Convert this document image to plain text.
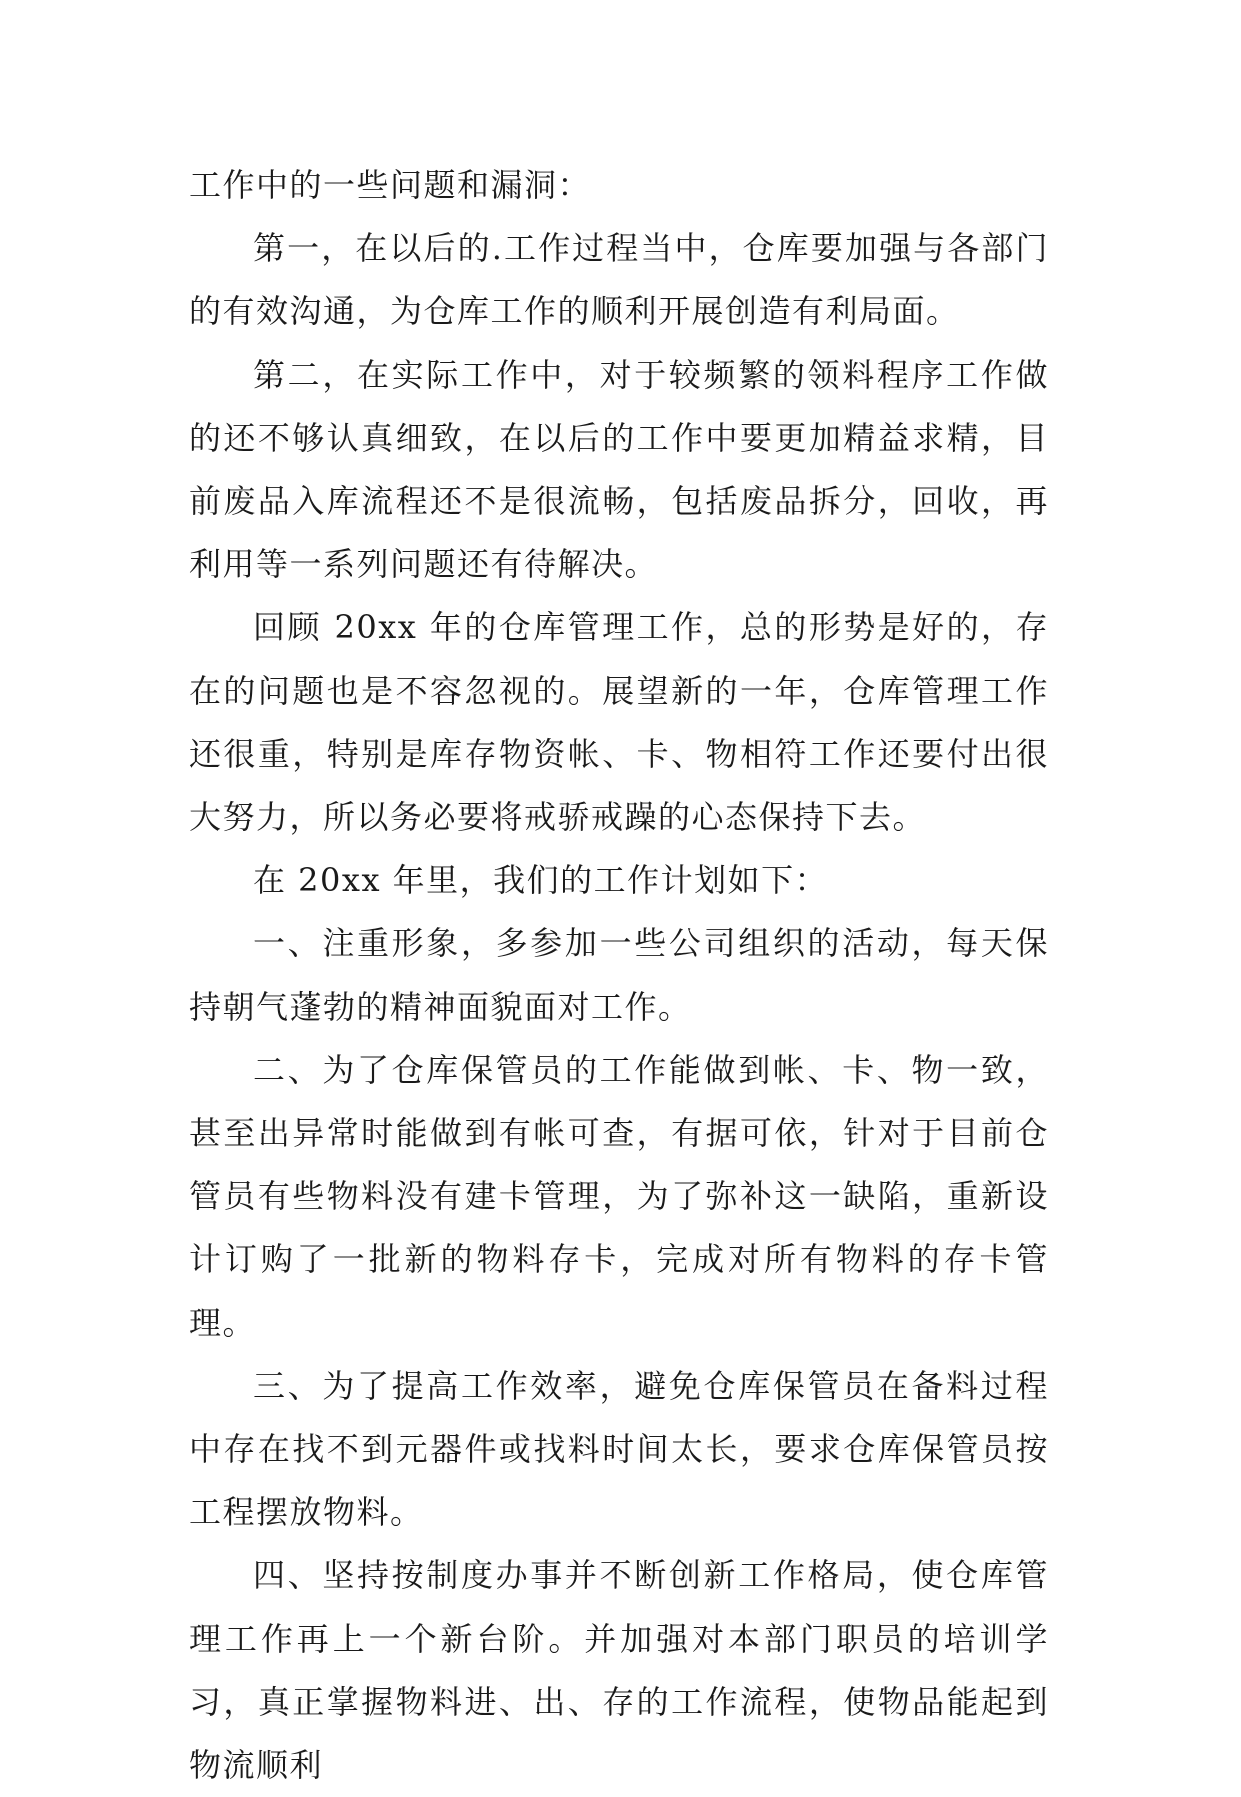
工作中的一些问题和漏洞：

第一，在以后的.工作过程当中，仓库要加强与各部门的有效沟通，为仓库工作的顺利开展创造有利局面。

第二，在实际工作中，对于较频繁的领料程序工作做的还不够认真细致，在以后的工作中要更加精益求精，目前废品入库流程还不是很流畅，包括废品拆分，回收，再利用等一系列问题还有待解决。

回顾 20xx 年的仓库管理工作，总的形势是好的，存在的问题也是不容忽视的。展望新的一年，仓库管理工作还很重，特别是库存物资帐、卡、物相符工作还要付出很大努力，所以务必要将戒骄戒躁的心态保持下去。

在 20xx 年里，我们的工作计划如下：

一、注重形象，多参加一些公司组织的活动，每天保持朝气蓬勃的精神面貌面对工作。

二、为了仓库保管员的工作能做到帐、卡、物一致，甚至出异常时能做到有帐可查，有据可依，针对于目前仓管员有些物料没有建卡管理，为了弥补这一缺陷，重新设计订购了一批新的物料存卡，完成对所有物料的存卡管理。

三、为了提高工作效率，避免仓库保管员在备料过程中存在找不到元器件或找料时间太长，要求仓库保管员按工程摆放物料。

四、坚持按制度办事并不断创新工作格局，使仓库管理工作再上一个新台阶。并加强对本部门职员的培训学习，真正掌握物料进、出、存的工作流程，使物品能起到物流顺利
